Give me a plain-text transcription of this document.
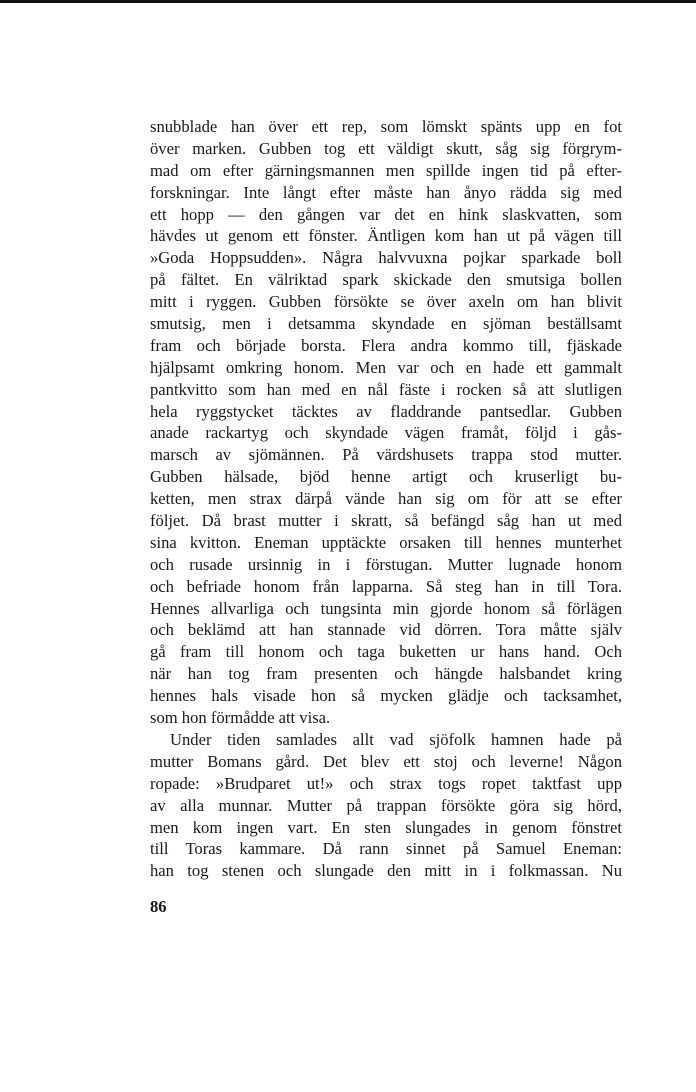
snubblade han över ett rep, som lömskt spänts upp en fot
över marken. Gubben tog ett väldigt skutt, såg sig förgrym-
mad om efter gärningsmannen men spillde ingen tid på efter-
forskningar. Inte långt efter måste han ånyo rädda sig med
ett hopp — den gången var det en hink slaskvatten, som
hävdes ut genom ett fönster. Äntligen kom han ut på vägen till
»Goda Hoppsudden». Några halvvuxna pojkar sparkade boll
på fältet. En välriktad spark skickade den smutsiga bollen
mitt i ryggen. Gubben försökte se över axeln om han blivit
smutsig, men i detsamma skyndade en sjöman beställsamt
fram och började borsta. Flera andra kommo till, fjäskade
hjälpsamt omkring honom. Men var och en hade ett gammalt
pantkvitto som han med en nål fäste i rocken så att slutligen
hela ryggstycket täcktes av fladdrande pantsedlar. Gubben
anade rackartyg och skyndade vägen framåt, följd i gås-
marsch av sjömännen. På värdshusets trappa stod mutter.
Gubben hälsade, bjöd henne artigt och kruserligt bu-
ketten, men strax därpå vände han sig om för att se efter
följet. Då brast mutter i skratt, så befängd såg han ut med
sina kvitton. Eneman upptäckte orsaken till hennes munterhet
och rusade ursinnig in i förstugan. Mutter lugnade honom
och befriade honom från lapparna. Så steg han in till Tora.
Hennes allvarliga och tungsinta min gjorde honom så förlägen
och beklämd att han stannade vid dörren. Tora måtte själv
gå fram till honom och taga buketten ur hans hand. Och
när han tog fram presenten och hängde halsbandet kring
hennes hals visade hon så mycken glädje och tacksamhet,
som hon förmådde att visa.
Under tiden samlades allt vad sjöfolk hamnen hade på
mutter Bomans gård. Det blev ett stoj och leverne! Någon
ropade: »Brudparet ut!» och strax togs ropet taktfast upp
av alla munnar. Mutter på trappan försökte göra sig hörd,
men kom ingen vart. En sten slungades in genom fönstret
till Toras kammare. Då rann sinnet på Samuel Eneman:
han tog stenen och slungade den mitt in i folkmassan. Nu
86
